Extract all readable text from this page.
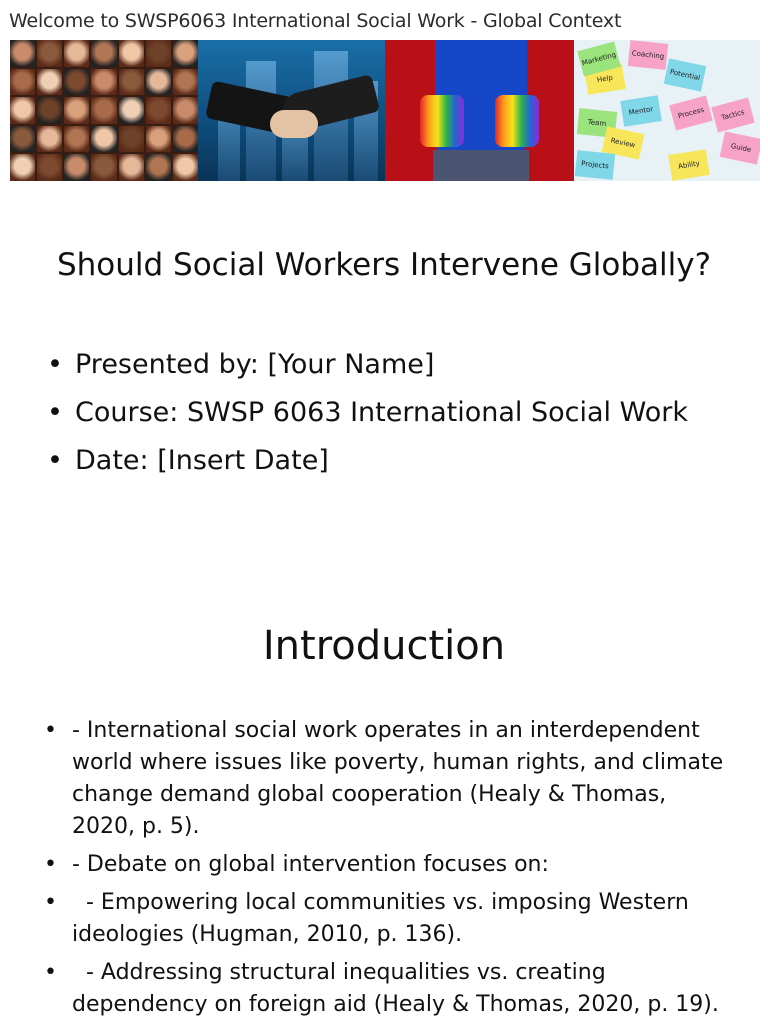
Welcome to SWSP6063 International Social Work - Global Context
Coaching
Help	Potential
Process
Team
Mentor
Review
Tactics
Projects	Ability
Guide
Marketing
Should Social Workers Intervene Globally?
• Presented by: [Your Name]
• Course: SWSP 6063 International Social Work
• Date: [Insert Date]
Introduction
• - International social work operates in an interdependent world where issues like poverty, human rights, and climate change demand global cooperation (Healy & Thomas, 2020, p. 5).
• - Debate on global intervention focuses on:
•   - Empowering local communities vs. imposing Western ideologies (Hugman, 2010, p. 136).
•   - Addressing structural inequalities vs. creating dependency on foreign aid (Healy & Thomas, 2020, p. 19).
